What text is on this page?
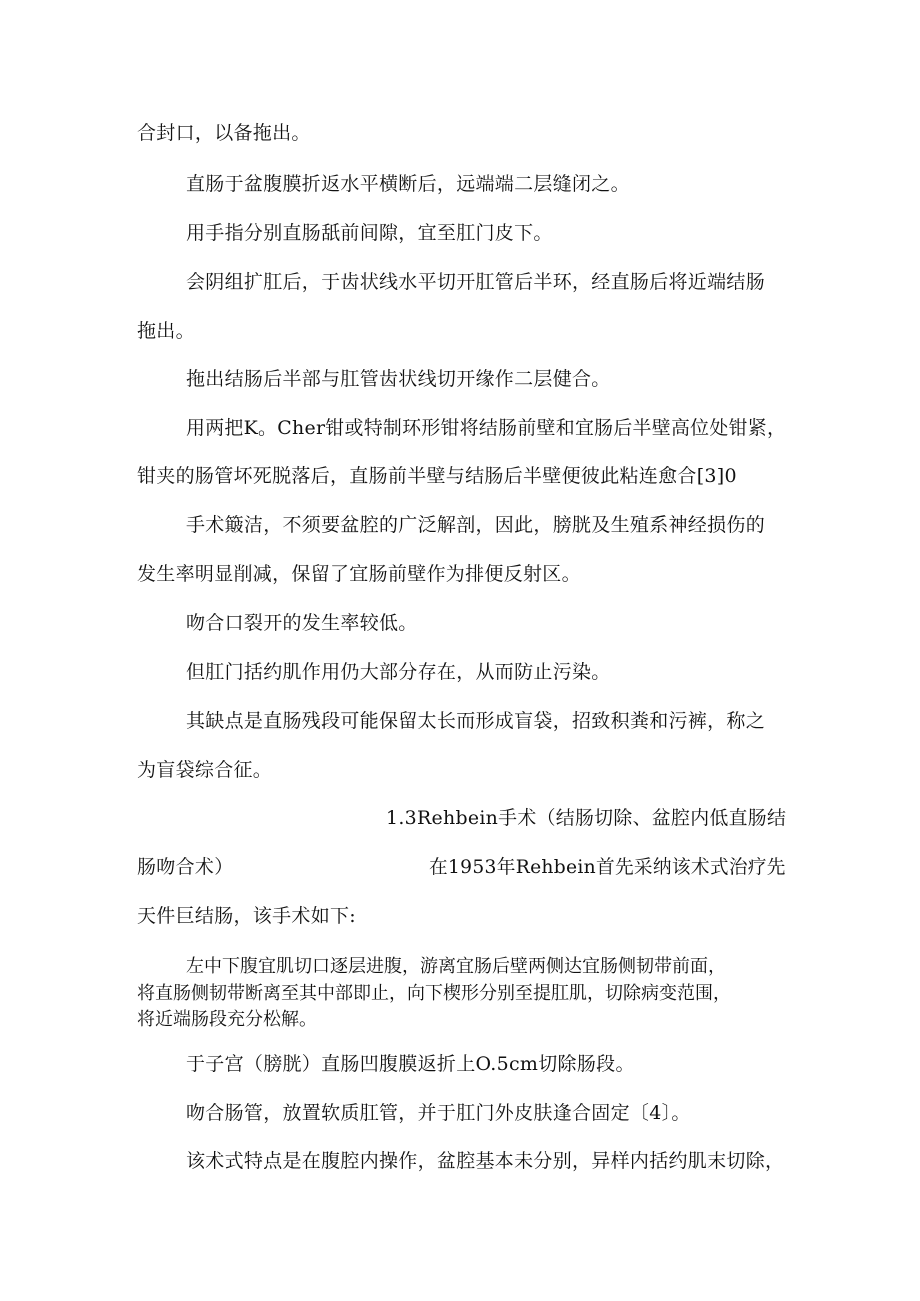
合封口，以备拖出。
直肠于盆腹膜折返水平横断后，远端端二层缝闭之。
用手指分别直肠舐前间隙，宜至肛门皮下。
会阴组扩肛后，于齿状线水平切开肛管后半环，经直肠后将近端结肠
拖出。
拖出结肠后半部与肛管齿状线切开缘作二层健合。
用两把K。Cher钳或特制环形钳将结肠前壁和宜肠后半壁高位处钳紧，
钳夹的肠管坏死脱落后，直肠前半壁与结肠后半壁便彼此粘连愈合[3]0
手术簸洁，不须要盆腔的广泛解剖，因此，膀胱及生殖系神经损伤的
发生率明显削减，保留了宜肠前壁作为排便反射区。
吻合口裂开的发生率较低。
但肛门括约肌作用仍大部分存在，从而防止污染。
其缺点是直肠残段可能保留太长而形成盲袋，招致积粪和污裤，称之
为盲袋综合征。
1.3Rehbein手术（结肠切除、盆腔内低直肠结
肠吻合术）	在1953年Rehbein首先采纳该术式治疗先
天件巨结肠，该手术如下:
左中下腹宜肌切口逐层进腹，游离宜肠后壁两侧达宜肠侧韧带前面，
将直肠侧韧带断离至其中部即止，向下楔形分别至提肛肌，切除病变范围，
将近端肠段充分松解。
于子宫（膀胱）直肠凹腹膜返折上O.5cm切除肠段。
吻合肠管，放置软质肛管，并于肛门外皮肤逢合固定〔4〕。
该术式特点是在腹腔内操作，盆腔基本未分别，异样内括约肌末切除，
